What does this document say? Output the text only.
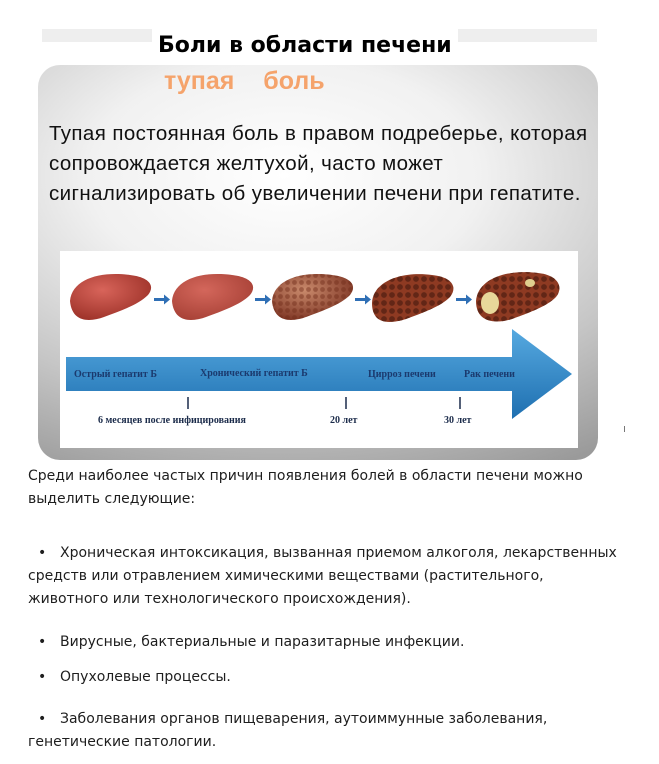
Боли в области печени
тупая боль

Тупая постоянная боль в правом подреберье, которая сопровождается желтухой, часто может сигнализировать об увеличении печени при гепатите.

Острый гепатит Б	Хронический гепатит Б	Цирроз печени	Рак печени
6 месяцев после инфицирования	20 лет	30 лет

Среди наиболее частых причин появления болей в области печени можно выделить следующие:

• Хроническая интоксикация, вызванная приемом алкоголя, лекарственных средств или отравлением химическими веществами (растительного, животного или технологического происхождения).
• Вирусные, бактериальные и паразитарные инфекции.
• Опухолевые процессы.
• Заболевания органов пищеварения, аутоиммунные заболевания, генетические патологии.
